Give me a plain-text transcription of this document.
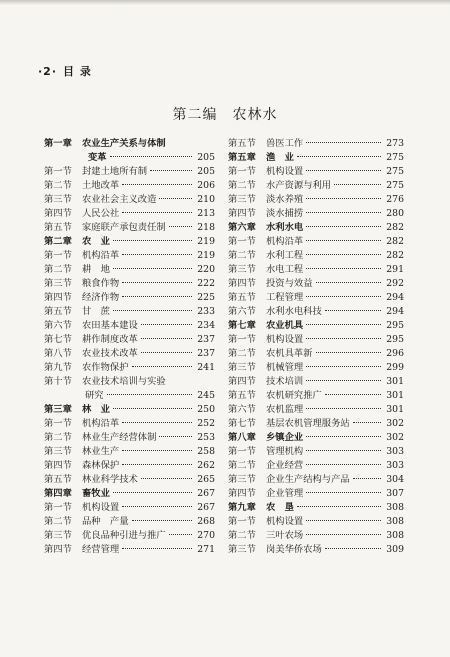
·2· 目 录
第二编　农林水
第一章 农业生产关系与体制
变革	205
第一节 封建土地所有制	205
第二节 土地改革	206
第三节 农业社会主义改造	210
第四节 人民公社	213
第五节 家庭联产承包责任制	218
第二章 农　业	219
第一节 机构沿革	219
第二节 耕　地	220
第三节 粮食作物	222
第四节 经济作物	225
第五节 甘　蔗	233
第六节 农田基本建设	234
第七节 耕作制度改革	237
第八节 农业技术改革	237
第九节 农作物保护	241
第十节 农业技术培训与实验
研究	245
第三章 林　业	250
第一节 机构沿革	252
第二节 林业生产经营体制	253
第三节 林业生产	258
第四节 森林保护	262
第五节 林业科学技术	265
第四章 畜牧业	267
第一节 机构设置	267
第二节 品种　产量	268
第三节 优良品种引进与推广	270
第四节 经营管理	271
第五节 兽医工作	273
第五章 渔　业	275
第一节 机构设置	275
第二节 水产资源与利用	275
第三节 淡水养殖	276
第四节 淡水捕捞	280
第六章 水利水电	282
第一节 机构沿革	282
第二节 水利工程	282
第三节 水电工程	291
第四节 投资与效益	292
第五节 工程管理	294
第六节 水利水电科技	294
第七章 农业机具	295
第一节 机构设置	295
第二节 农机具革新	296
第三节 机械管理	299
第四节 技术培训	301
第五节 农机研究推广	301
第六节 农机监理	301
第七节 基层农机管理服务站	302
第八章 乡镇企业	302
第一节 管理机构	303
第二节 企业经营	303
第三节 企业生产结构与产品	304
第四节 企业管理	307
第九章 农　垦	308
第一节 机构设置	308
第二节 三叶农场	308
第三节 岗美华侨农场	309
